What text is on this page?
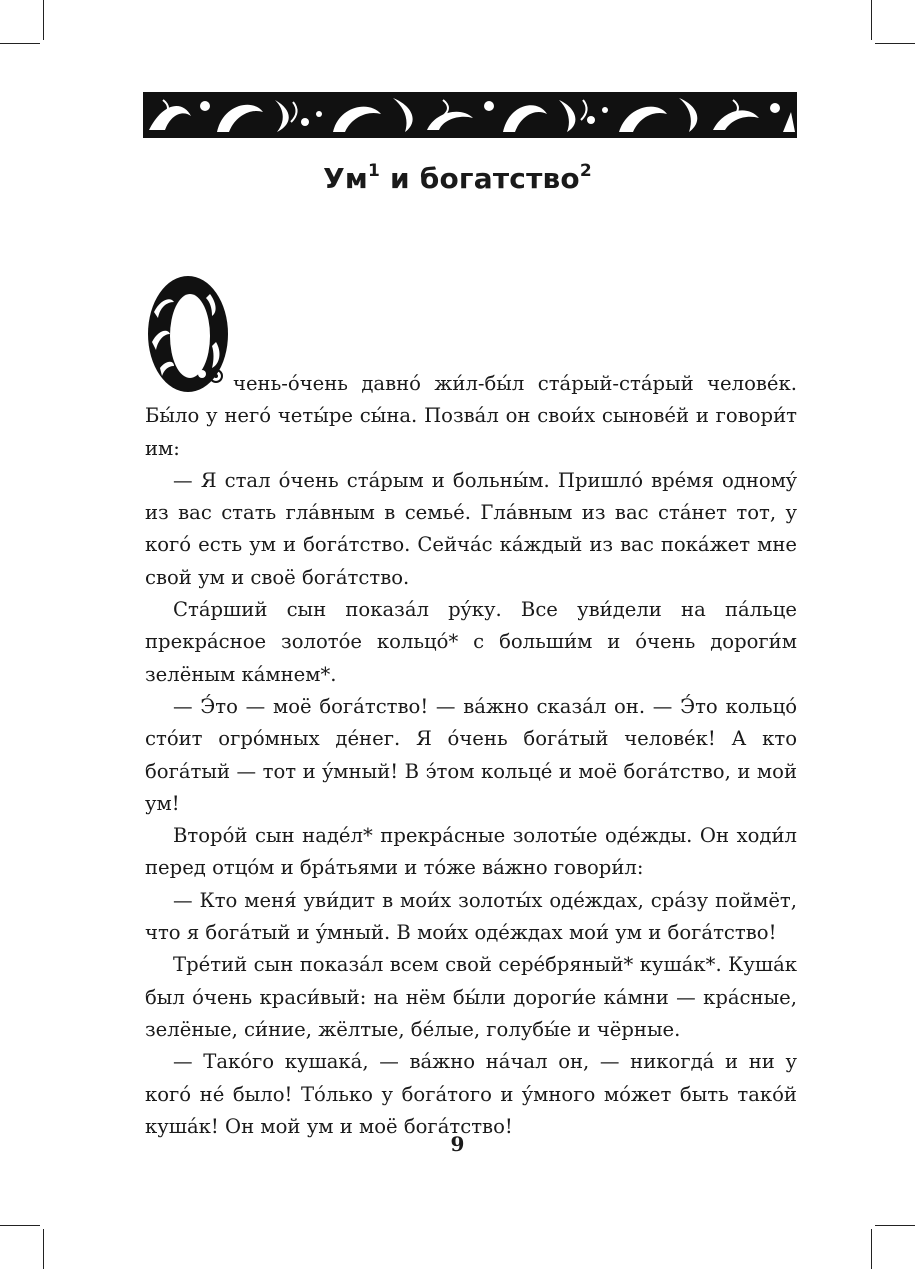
$Ум^1$ и богатство$^2$

чень-óчень давнó жи́л-бы́л стáрый-стáрый человéк. Бы́ло у негó четы́ре сы́на. Позвáл он свои́х сыновéй и говори́т им:

— Я стал óчень стáрым и больны́м. Пришлó врéмя одномý из вас стать глáвным в семьé. Глáвным из вас стáнет тот, у когó есть ум и богáтство. Сейчáс кáждый из вас покáжет мне свой ум и своё богáтство.

Стáрший сын показáл рýку. Все уви́дели на пáльце прекрáсное золотóе кольцó* с больши́м и óчень дороги́м зелёным кáмнем*.

— Э́то — моё богáтство! — вáжно сказáл он. — Э́то кольцó стóит огрóмных дéнег. Я óчень богáтый человéк! А кто богáтый — тот и ýмный! В э́том кольцé и моё богáтство, и мой ум!

Вторóй сын надéл* прекрáсные золоты́е одéжды. Он ходи́л перед отцóм и брáтьями и тóже вáжно говори́л:

— Кто меня́ уви́дит в мои́х золоты́х одéждах, срáзу поймёт, что я богáтый и ýмный. В мои́х одéждах мои́ ум и богáтство!

Трéтий сын показáл всем свой серéбряный* кушáк*. Кушáк был óчень краси́вый: на нём бы́ли дороги́е кáмни — крáсные, зелёные, си́ние, жёлтые, бéлые, голубы́е и чёрные.

— Такóго кушакá, — вáжно нáчал он, — никогдá и ни у когó нé было! Тóлько у богáтого и ýмного мóжет быть такóй кушáк! Он мой ум и моё богáтство!

9
